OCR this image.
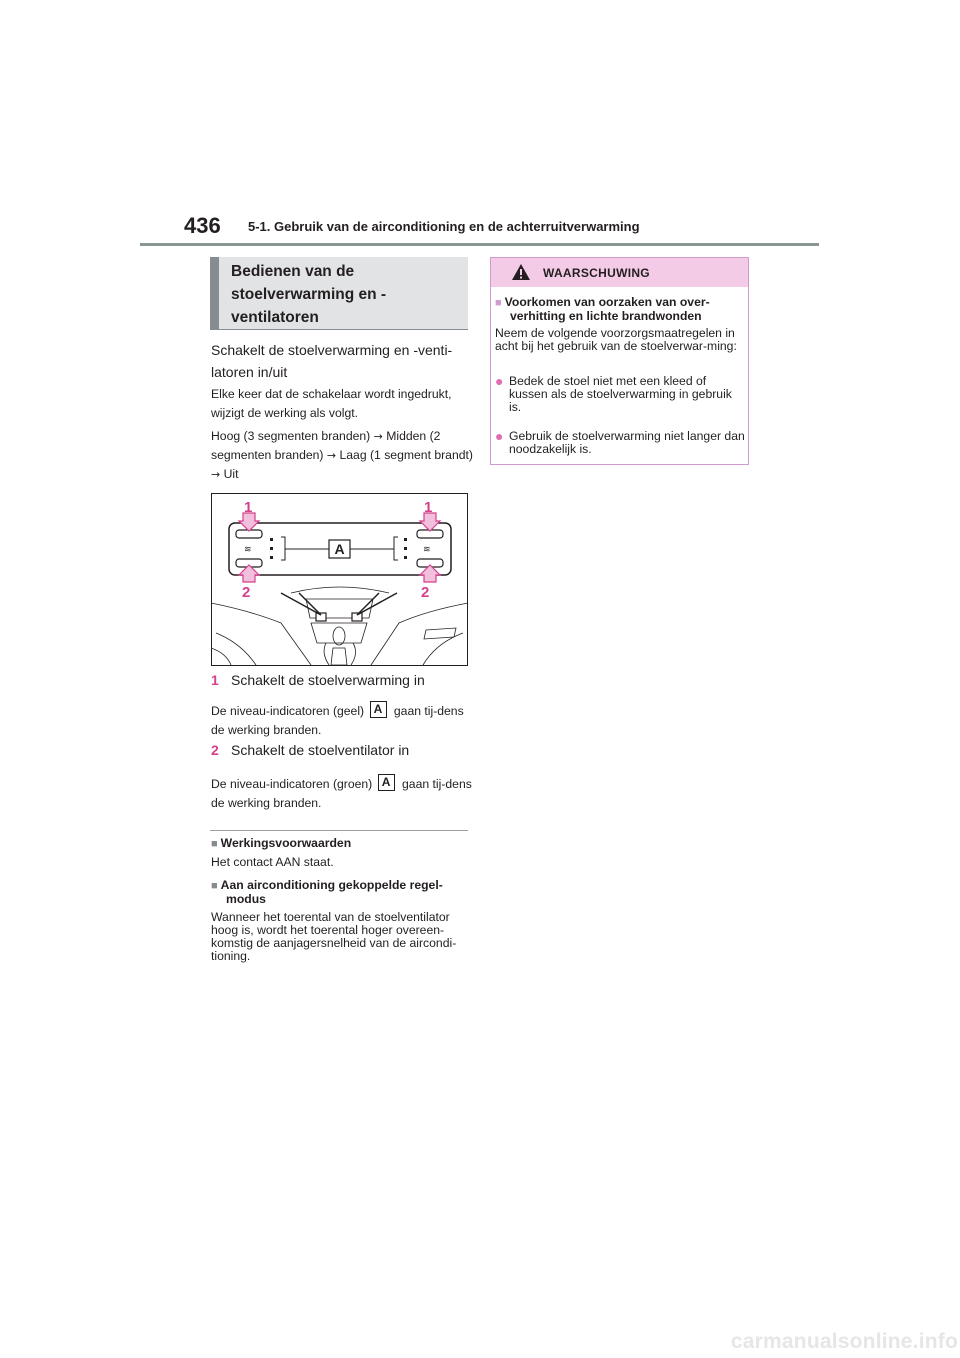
436 5-1. Gebruik van de airconditioning en de achterruitverwarming
Bedienen van de stoelverwarming en -ventilatoren
Schakelt de stoelverwarming en -venti-latoren in/uit
Elke keer dat de schakelaar wordt ingedrukt, wijzigt de werking als volgt.
Hoog (3 segmenten branden) → Midden (2 segmenten branden) → Laag (1 segment brandt) → Uit
≋	≋
A
1	1
2	2
1 Schakelt de stoelverwarming in
De niveau-indicatoren (geel) A gaan tij-dens de werking branden.
2 Schakelt de stoelventilator in
De niveau-indicatoren (groen) A gaan tij-dens de werking branden.
■ Werkingsvoorwaarden
Het contact AAN staat.
■ Aan airconditioning gekoppelde regel-
modus
Wanneer het toerental van de stoelventilator hoog is, wordt het toerental hoger overeen-komstig de aanjagersnelheid van de aircondi-tioning.
WAARSCHUWING
■ Voorkomen van oorzaken van over-
verhitting en lichte brandwonden
Neem de volgende voorzorgsmaatregelen in acht bij het gebruik van de stoelverwar-ming:
● Bedek de stoel niet met een kleed of kussen als de stoelverwarming in gebruik is.
● Gebruik de stoelverwarming niet langer dan noodzakelijk is.
carmanualsonline.info
